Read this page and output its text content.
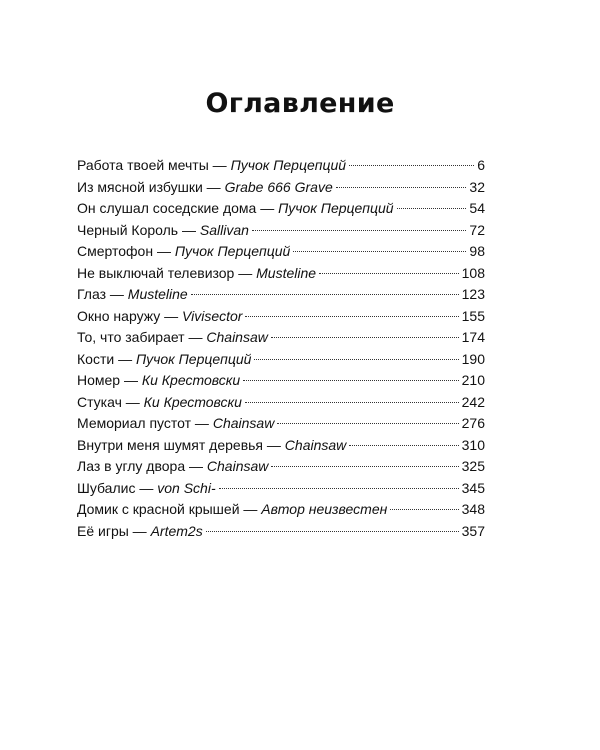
Оглавление
Работа твоей мечты — Пучок Перцепций	6
Из мясной избушки — Grabe 666 Grave	32
Он слушал соседские дома — Пучок Перцепций	54
Черный Король — Sallivan	72
Смертофон — Пучок Перцепций	98
Не выключай телевизор — Musteline	108
Глаз — Musteline	123
Окно наружу — Vivisector	155
То, что забирает — Chainsaw	174
Кости — Пучок Перцепций	190
Номер — Ки Крестовски	210
Стукач — Ки Крестовски	242
Мемориал пустот — Chainsaw	276
Внутри меня шумят деревья — Chainsaw	310
Лаз в углу двора — Chainsaw	325
Шубалис — von Schi-	345
Домик с красной крышей — Автор неизвестен	348
Её игры — Artem2s	357
